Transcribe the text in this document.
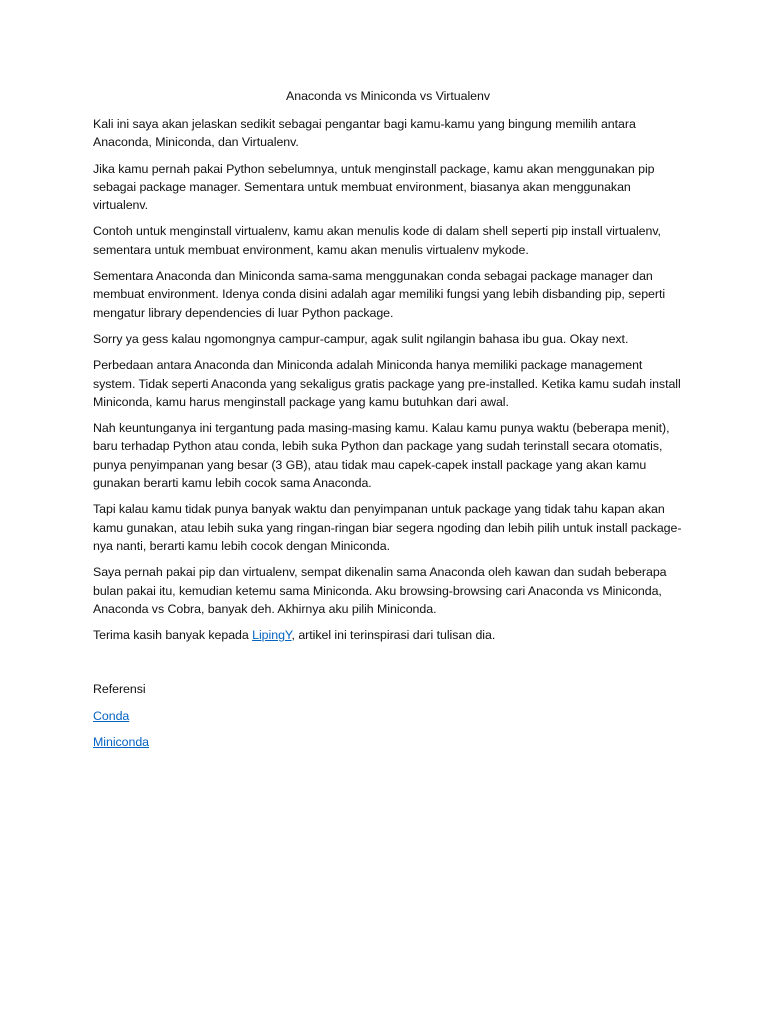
Anaconda vs Miniconda vs Virtualenv

Kali ini saya akan jelaskan sedikit sebagai pengantar bagi kamu-kamu yang bingung memilih antara Anaconda, Miniconda, dan Virtualenv.

Jika kamu pernah pakai Python sebelumnya, untuk menginstall package, kamu akan menggunakan pip sebagai package manager. Sementara untuk membuat environment, biasanya akan menggunakan virtualenv.

Contoh untuk menginstall virtualenv, kamu akan menulis kode di dalam shell seperti pip install virtualenv, sementara untuk membuat environment, kamu akan menulis virtualenv mykode.

Sementara Anaconda dan Miniconda sama-sama menggunakan conda sebagai package manager dan membuat environment. Idenya conda disini adalah agar memiliki fungsi yang lebih disbanding pip, seperti mengatur library dependencies di luar Python package.

Sorry ya gess kalau ngomongnya campur-campur, agak sulit ngilangin bahasa ibu gua. Okay next.

Perbedaan antara Anaconda dan Miniconda adalah Miniconda hanya memiliki package management system. Tidak seperti Anaconda yang sekaligus gratis package yang pre-installed. Ketika kamu sudah install Miniconda, kamu harus menginstall package yang kamu butuhkan dari awal.

Nah keuntunganya ini tergantung pada masing-masing kamu. Kalau kamu punya waktu (beberapa menit), baru terhadap Python atau conda, lebih suka Python dan package yang sudah terinstall secara otomatis, punya penyimpanan yang besar (3 GB), atau tidak mau capek-capek install package yang akan kamu gunakan berarti kamu lebih cocok sama Anaconda.

Tapi kalau kamu tidak punya banyak waktu dan penyimpanan untuk package yang tidak tahu kapan akan kamu gunakan, atau lebih suka yang ringan-ringan biar segera ngoding dan lebih pilih untuk install package-nya nanti, berarti kamu lebih cocok dengan Miniconda.

Saya pernah pakai pip dan virtualenv, sempat dikenalin sama Anaconda oleh kawan dan sudah beberapa bulan pakai itu, kemudian ketemu sama Miniconda. Aku browsing-browsing cari Anaconda vs Miniconda, Anaconda vs Cobra, banyak deh. Akhirnya aku pilih Miniconda.

Terima kasih banyak kepada LipingY, artikel ini terinspirasi dari tulisan dia.

Referensi

Conda

Miniconda
